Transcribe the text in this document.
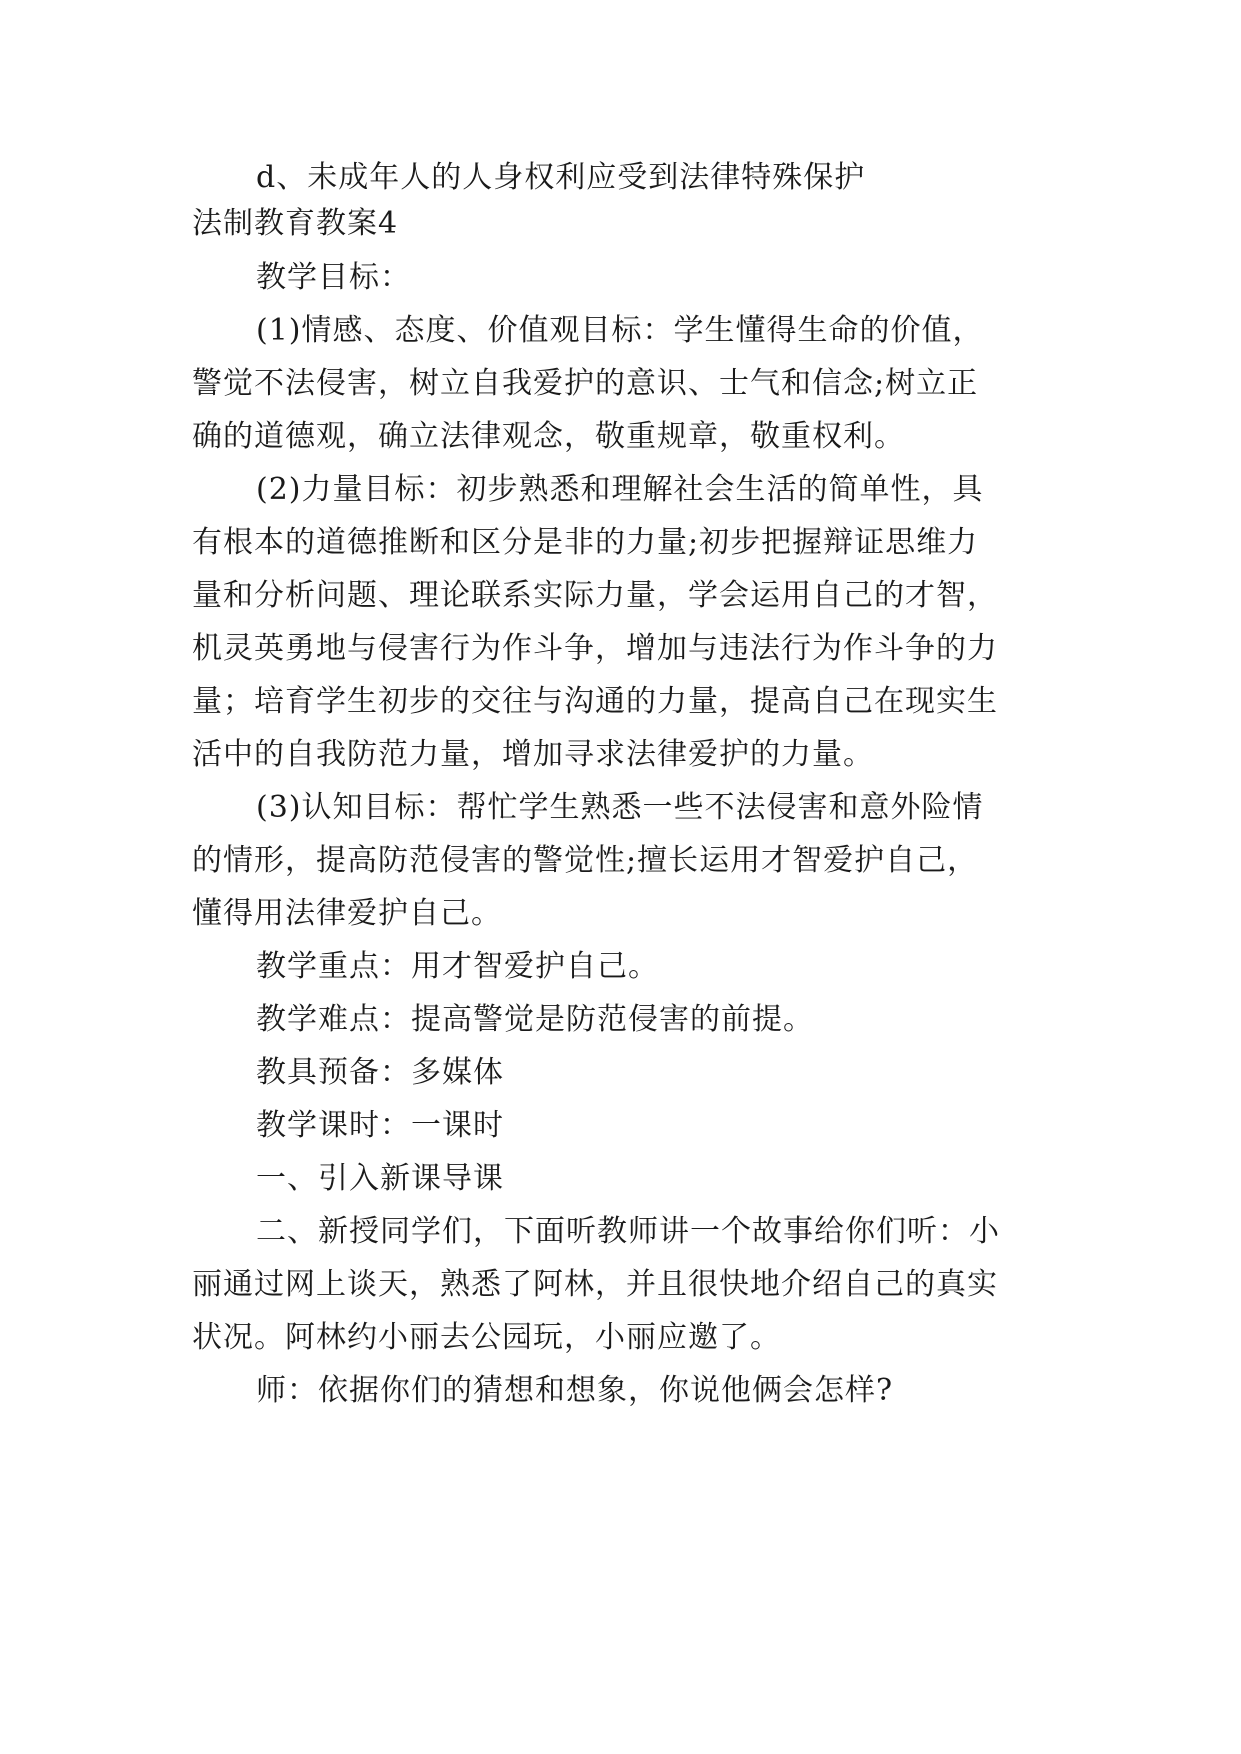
d、未成年人的人身权利应受到法律特殊保护
法制教育教案4
教学目标：
(1)情感、态度、价值观目标：学生懂得生命的价值，
警觉不法侵害，树立自我爱护的意识、士气和信念;树立正
确的道德观，确立法律观念，敬重规章，敬重权利。
(2)力量目标：初步熟悉和理解社会生活的简单性，具
有根本的道德推断和区分是非的力量;初步把握辩证思维力
量和分析问题、理论联系实际力量，学会运用自己的才智，
机灵英勇地与侵害行为作斗争，增加与违法行为作斗争的力
量；培育学生初步的交往与沟通的力量，提高自己在现实生
活中的自我防范力量，增加寻求法律爱护的力量。
(3)认知目标：帮忙学生熟悉一些不法侵害和意外险情
的情形，提高防范侵害的警觉性;擅长运用才智爱护自己，
懂得用法律爱护自己。
教学重点：用才智爱护自己。
教学难点：提高警觉是防范侵害的前提。
教具预备：多媒体
教学课时：一课时
一、引入新课导课
二、新授同学们，下面听教师讲一个故事给你们听：小
丽通过网上谈天，熟悉了阿林，并且很快地介绍自己的真实
状况。阿林约小丽去公园玩，小丽应邀了。
师：依据你们的猜想和想象，你说他俩会怎样?
